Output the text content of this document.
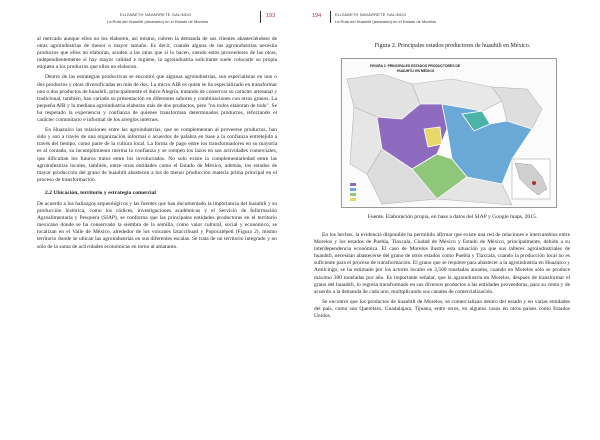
ELIZABETH NAVARRETE GALINDO
La Ruta del Huauhtli (amaranto) en el Estado de Morelos
193

al mercado aunque ellos no los elaboren, así mismo, cubren la demanda de sus clientes abasteciéndose de otras agroindustrias de menor o mayor tamaño. Es decir, cuando alguna de las agroindustrias necesita productos que ellos no elaboran, acuden a las otras que sí lo hacen, siendo estos proveedores de las otras, independientemente si hay mayor calidad e higiene, la agroindustria solicitante suele colocarle su propia etiqueta a los productos que ellos no elaboran.

Dentro de las estrategias productivas se encontró que algunas agroindustrias, son especialistas en uno o dos productos y otras diversificadas en más de dos. La micro AIR es quien se ha especializado en transformar uno o dos productos de huauhtli, principalmente el dulce Alegría, tratando de conservar su carácter artesanal y tradicional, también, han variado su presentación en diferentes sabores y combinaciones con otros granos. La pequeña AIR y la mediana agroindustria elaboran más de dos productos, pero "no todos elaboran de todo". Se ha respetado la experiencia y confianza de quienes transforman determinados productos, reforzando el carácter comunitario e informal de los arreglos internos.

En Huazulco las relaciones entre las agroindustrias, que se complementan al proveerse productos, han sido y son a través de una organización informal o acuerdos de palabra en base a la confianza entretejida a través del tiempo, como parte de la cultura local. La forma de pago entre los transformadores en su mayoría es al contado, su incumplimiento merma la confianza y se rompen los lazos en sus actividades comerciales, que dificultan los futuros tratos entre los involucrados. No solo existe la complementariedad entre las agroindustrias locales, también, entre otras entidades como el Estado de México, además, los estados de mayor producción del grano de huauhtli abastecen a los de menor producción materia prima principal en el proceso de transformación.

2.2 Ubicación, territorio y estrategia comercial

De acuerdo a los hallazgos arqueológicos y las fuentes que han documentado la importancia del huauhtli y su producción histórica, como los códices, investigaciones académicas y el Servicio de Información Agroalimentaria y Pesquera (SIAP), se conforma que las principales entidades productoras en el territorio mexicano donde se ha conservado la siembra de la semilla, como valor cultural, social y económico, se localizan en el Valle de México, alrededor de los volcanes Iztaccíhuatl y Popocatépetl (Figura 2), mismo territorio donde se ubican las agroindustrias en sus diferentes escalas. Se trata de un territorio integrado y no sólo de la suma de actividades económicas en torno al amaranto.

194	ELIZABETH NAVARRETE GALINDO
La Ruta del Huauhtli (amaranto) en el Estado de Morelos
Figura 2. Principales estados productores de huauhtli en México.
FIGURA 2. PRINCIPALES ESTADOS PRODUCTORES DE
HUAUHTLI EN MÉXICO
Fuente. Elaboración propia, en base a datos del SIAP y Google maps, 2015.

En los hechos, la evidencia disponible ha permitido afirmar que existe una red de relaciones e intercambios entre Morelos y los estados de Puebla, Tlaxcala, Ciudad de México y Estado de México, principalmente, debido a su interdependencia económica. El caso de Morelos ilustra esta situación ya que sus talleres agroindustriales de huauhtli, necesitan abastecerse del grano de otros estados como Puebla y Tlaxcala, cuando la producción local no es suficiente para el proceso de transformación. El grano que se requiere para abastecer a la agroindustria en Huazulco y Amilcingo, se ha estimado por los actores locales en 3,500 toneladas anuales, cuando en Morelos sólo se produce máximo 300 toneladas por año. Es importante señalar, que la agroindustria en Morelos, después de transformar el grano del huauhtli, lo regresa transformado en sus diversos productos a las entidades proveedoras, para su venta y de acuerdo a la demanda de cada uno, multiplicando sus canales de comercialización.

Se encontró que los productos de huauhtli de Morelos, se comercializan dentro del estado y en varias entidades del país, como son Querétaro, Guadalajara, Tijuana, entre otros, en algunos casos en otros países como Estados Unidos.
